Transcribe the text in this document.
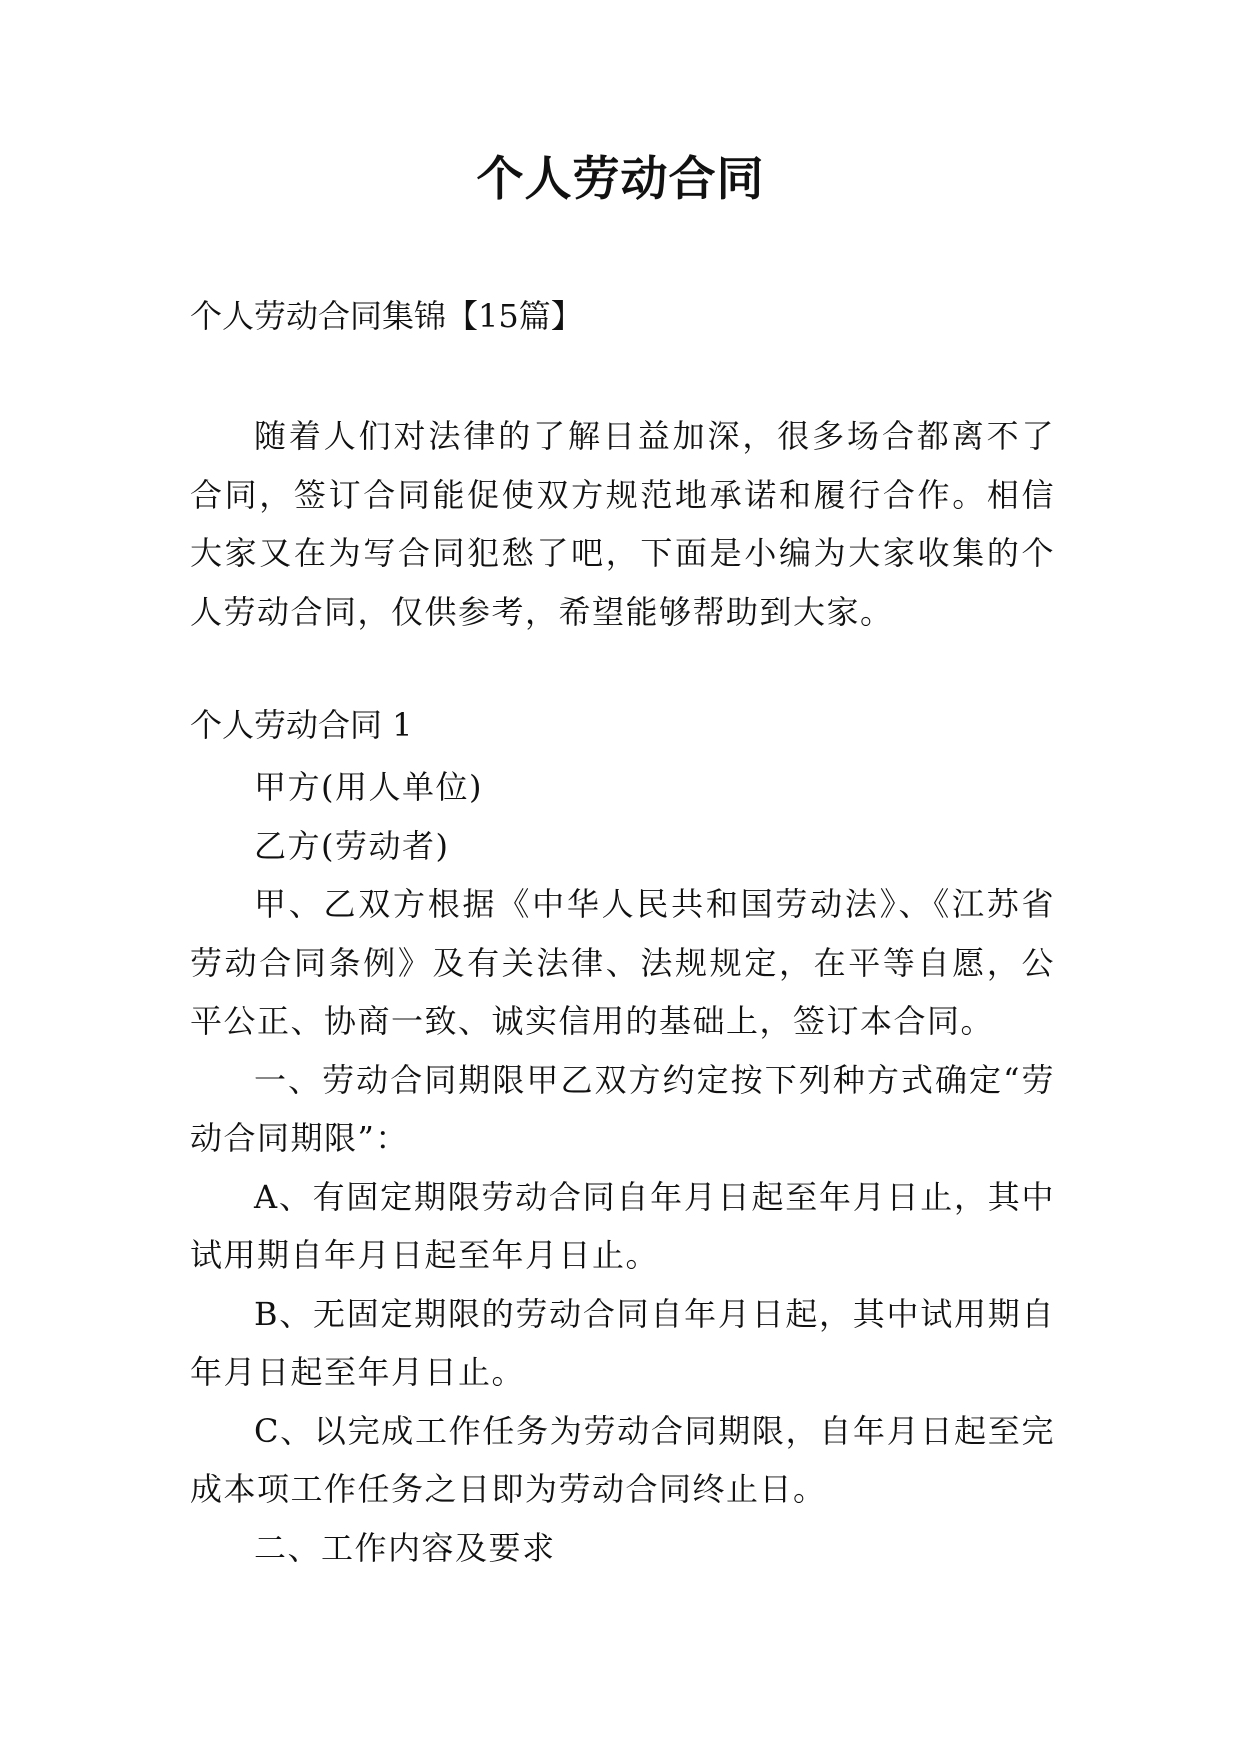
个人劳动合同
个人劳动合同集锦【15篇】
随着人们对法律的了解日益加深，很多场合都离不了合同，签订合同能促使双方规范地承诺和履行合作。相信大家又在为写合同犯愁了吧，下面是小编为大家收集的个人劳动合同，仅供参考，希望能够帮助到大家。
个人劳动合同 1

甲方(用人单位)

乙方(劳动者)

甲、乙双方根据《中华人民共和国劳动法》、《江苏省劳动合同条例》及有关法律、法规规定，在平等自愿，公平公正、协商一致、诚实信用的基础上，签订本合同。

一、劳动合同期限甲乙双方约定按下列种方式确定“劳动合同期限”：

A、有固定期限劳动合同自年月日起至年月日止，其中试用期自年月日起至年月日止。

B、无固定期限的劳动合同自年月日起，其中试用期自年月日起至年月日止。

C、以完成工作任务为劳动合同期限，自年月日起至完成本项工作任务之日即为劳动合同终止日。

二、工作内容及要求
